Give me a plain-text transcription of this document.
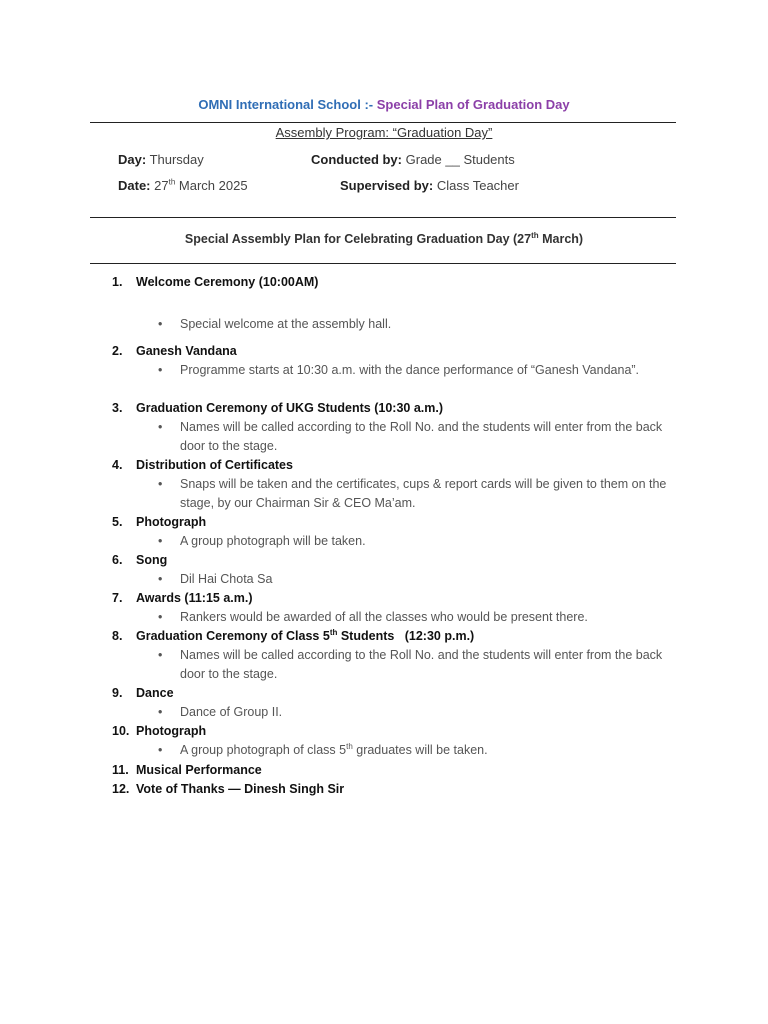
OMNI International School :- Special Plan of Graduation Day
Assembly Program: “Graduation Day”
Day: Thursday	Conducted by: Grade __ Students
Date: 27th March 2025	Supervised by: Class Teacher
Special Assembly Plan for Celebrating Graduation Day (27th March)
1. Welcome Ceremony (10:00AM)
• Special welcome at the assembly hall.
2. Ganesh Vandana
• Programme starts at 10:30 a.m. with the dance performance of “Ganesh Vandana”.
3. Graduation Ceremony of UKG Students (10:30 a.m.)
• Names will be called according to the Roll No. and the students will enter from the back door to the stage.
4. Distribution of Certificates
• Snaps will be taken and the certificates, cups & report cards will be given to them on the stage, by our Chairman Sir & CEO Ma’am.
5. Photograph
• A group photograph will be taken.
6. Song
• Dil Hai Chota Sa
7. Awards (11:15 a.m.)
• Rankers would be awarded of all the classes who would be present there.
8. Graduation Ceremony of Class 5th Students   (12:30 p.m.)
• Names will be called according to the Roll No. and the students will enter from the back door to the stage.
9. Dance
• Dance of Group II.
10. Photograph
• A group photograph of class 5th graduates will be taken.
11. Musical Performance
12. Vote of Thanks — Dinesh Singh Sir
